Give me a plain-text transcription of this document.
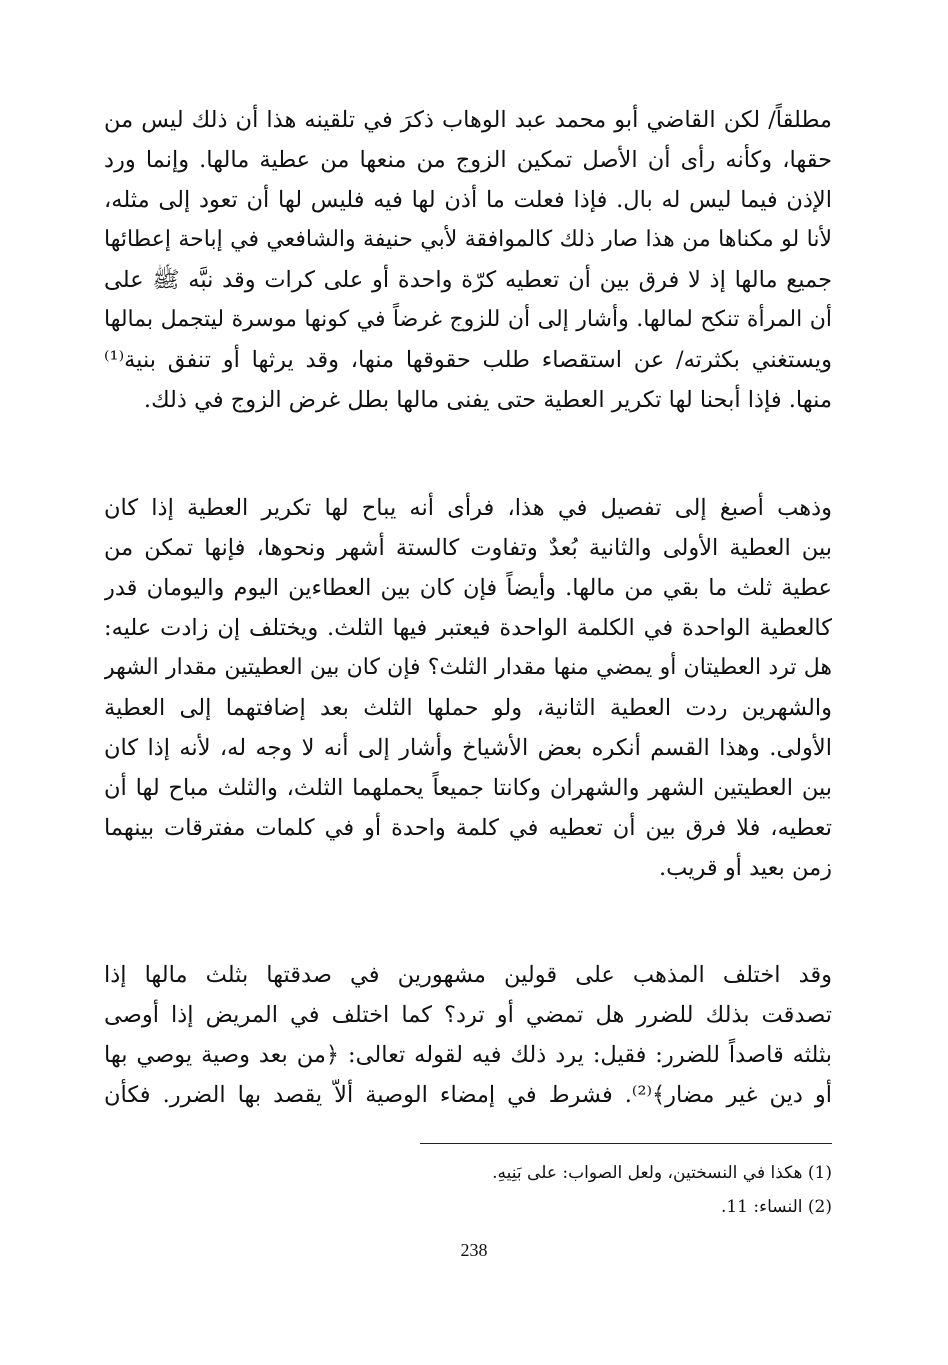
مطلقاً/ لكن القاضي أبو محمد عبد الوهاب ذكرَ في تلقينه هذا أن ذلك ليس من
حقها، وكأنه رأى أن الأصل تمكين الزوج من منعها من عطية مالها. وإنما ورد
الإذن فيما ليس له بال. فإذا فعلت ما أذن لها فيه فليس لها أن تعود إلى مثله،
لأنا لو مكناها من هذا صار ذلك كالموافقة لأبي حنيفة والشافعي في إباحة إعطائها
جميع مالها إذ لا فرق بين أن تعطيه كرّة واحدة أو على كرات وقد نبَّه ﷺ على
أن المرأة تنكح لمالها. وأشار إلى أن للزوج غرضاً في كونها موسرة ليتجمل بمالها
ويستغني بكثرته/ عن استقصاء طلب حقوقها منها، وقد يرثها أو تنفق بنية⁽¹⁾
منها. فإذا أبحنا لها تكرير العطية حتى يفنى مالها بطل غرض الزوج في ذلك.
وذهب أصبغ إلى تفصيل في هذا، فرأى أنه يباح لها تكرير العطية إذا كان
بين العطية الأولى والثانية بُعدٌ وتفاوت كالستة أشهر ونحوها، فإنها تمكن من
عطية ثلث ما بقي من مالها. وأيضاً فإن كان بين العطاءين اليوم واليومان قدر
كالعطية الواحدة في الكلمة الواحدة فيعتبر فيها الثلث. ويختلف إن زادت عليه:
هل ترد العطيتان أو يمضي منها مقدار الثلث؟ فإن كان بين العطيتين مقدار الشهر
والشهرين ردت العطية الثانية، ولو حملها الثلث بعد إضافتهما إلى العطية
الأولى. وهذا القسم أنكره بعض الأشياخ وأشار إلى أنه لا وجه له، لأنه إذا كان
بين العطيتين الشهر والشهران وكانتا جميعاً يحملهما الثلث، والثلث مباح لها أن
تعطيه، فلا فرق بين أن تعطيه في كلمة واحدة أو في كلمات مفترقات بينهما
زمن بعيد أو قريب.
وقد اختلف المذهب على قولين مشهورين في صدقتها بثلث مالها إذا
تصدقت بذلك للضرر هل تمضي أو ترد؟ كما اختلف في المريض إذا أوصى
بثلثه قاصداً للضرر: فقيل: يرد ذلك فيه لقوله تعالى: ﴿من بعد وصية يوصي بها
أو دين غير مضار﴾⁽²⁾. فشرط في إمضاء الوصية ألاّ يقصد بها الضرر. فكأن
(1) هكذا في النسختين، ولعل الصواب: على بَنِيهِ.
(2) النساء: 11.
238
